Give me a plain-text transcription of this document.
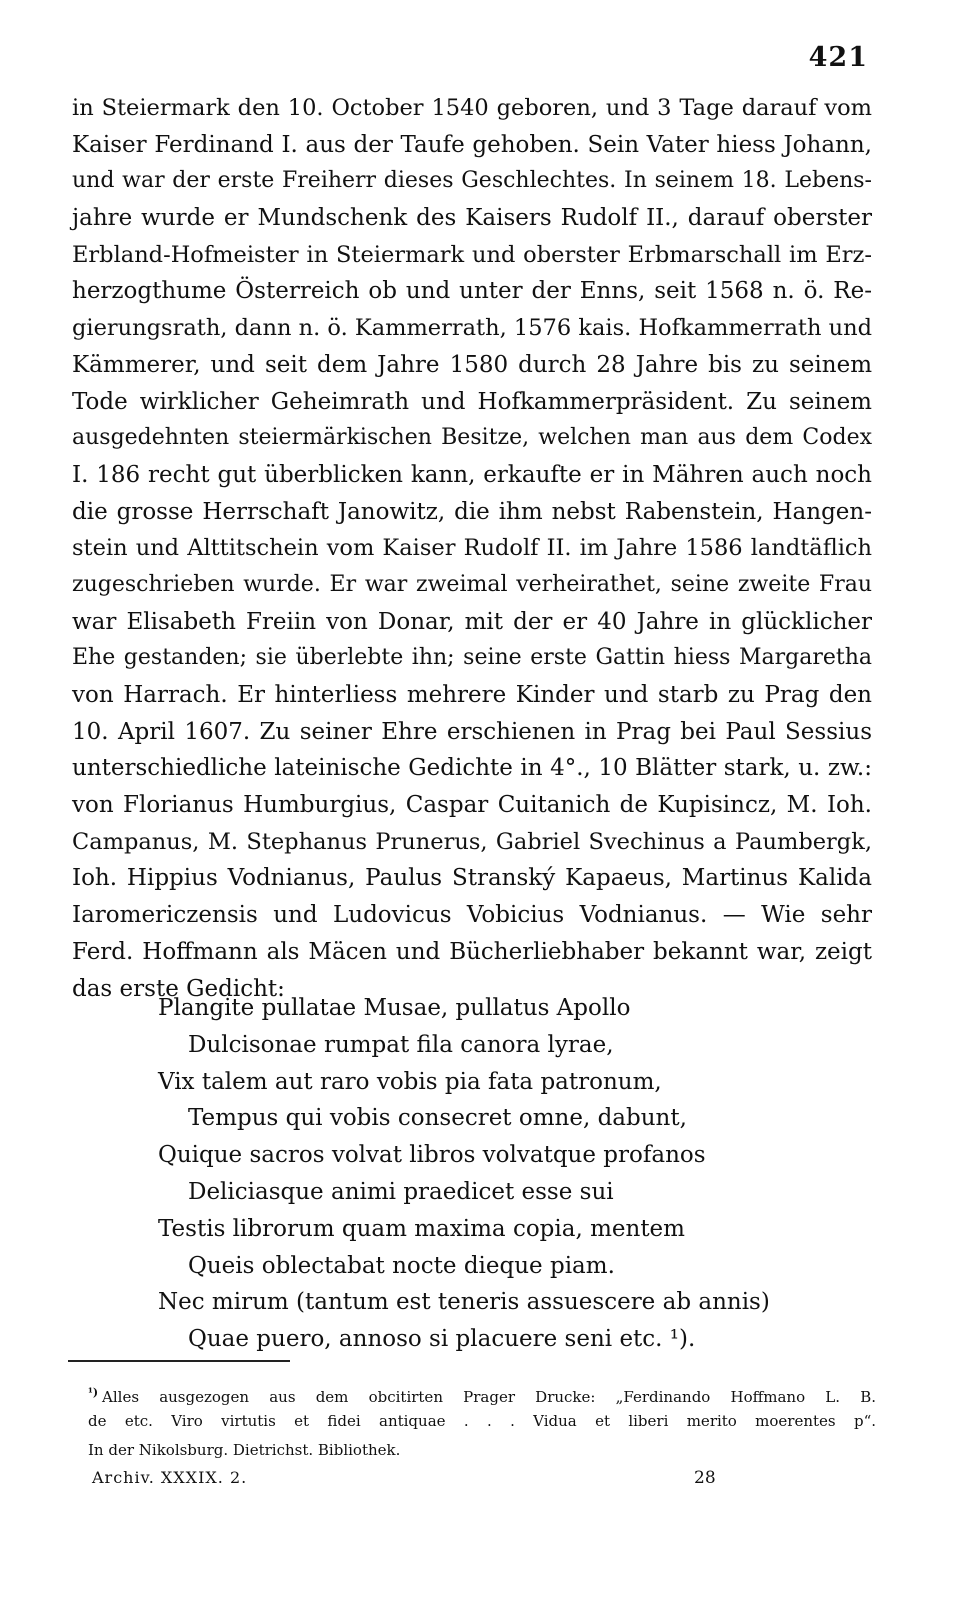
421
in Steiermark den 10. October 1540 geboren, und 3 Tage darauf vom
Kaiser Ferdinand I. aus der Taufe gehoben. Sein Vater hiess Johann,
und war der erste Freiherr dieses Geschlechtes. In seinem 18. Lebens-
jahre wurde er Mundschenk des Kaisers Rudolf II., darauf oberster
Erbland-Hofmeister in Steiermark und oberster Erbmarschall im Erz-
herzogthume Österreich ob und unter der Enns, seit 1568 n. ö. Re-
gierungsrath, dann n. ö. Kammerrath, 1576 kais. Hofkammerrath und
Kämmerer, und seit dem Jahre 1580 durch 28 Jahre bis zu seinem
Tode wirklicher Geheimrath und Hofkammerpräsident. Zu seinem
ausgedehnten steiermärkischen Besitze, welchen man aus dem Codex
I. 186 recht gut überblicken kann, erkaufte er in Mähren auch noch
die grosse Herrschaft Janowitz, die ihm nebst Rabenstein, Hangen-
stein und Alttitschein vom Kaiser Rudolf II. im Jahre 1586 landtäflich
zugeschrieben wurde. Er war zweimal verheirathet, seine zweite Frau
war Elisabeth Freiin von Donar, mit der er 40 Jahre in glücklicher
Ehe gestanden; sie überlebte ihn; seine erste Gattin hiess Margaretha
von Harrach. Er hinterliess mehrere Kinder und starb zu Prag den
10. April 1607. Zu seiner Ehre erschienen in Prag bei Paul Sessius
unterschiedliche lateinische Gedichte in 4°., 10 Blätter stark, u. zw.:
von Florianus Humburgius, Caspar Cuitanich de Kupisincz, M. Ioh.
Campanus, M. Stephanus Prunerus, Gabriel Svechinus a Paumbergk,
Ioh. Hippius Vodnianus, Paulus Stranský Kapaeus, Martinus Kalida
Iaromericzensis und Ludovicus Vobicius Vodnianus. — Wie sehr
Ferd. Hoffmann als Mäcen und Bücherliebhaber bekannt war, zeigt
das erste Gedicht:
Plangite pullatae Musae, pullatus Apollo
Dulcisonae rumpat fila canora lyrae,
Vix talem aut raro vobis pia fata patronum,
Tempus qui vobis consecret omne, dabunt,
Quique sacros volvat libros volvatque profanos
Deliciasque animi praedicet esse sui
Testis librorum quam maxima copia, mentem
Queis oblectabat nocte dieque piam.
Nec mirum (tantum est teneris assuescere ab annis)
Quae puero, annoso si placuere seni etc. ¹).
$^{^1)}$ Alles ausgezogen aus dem obcitirten Prager Drucke: „Ferdinando Hoffmano L. B.
de etc. Viro virtutis et fidei antiquae . . . Vidua et liberi merito moerentes p“.
In der Nikolsburg. Dietrichst. Bibliothek.
Archiv. XXXIX. 2.	28
